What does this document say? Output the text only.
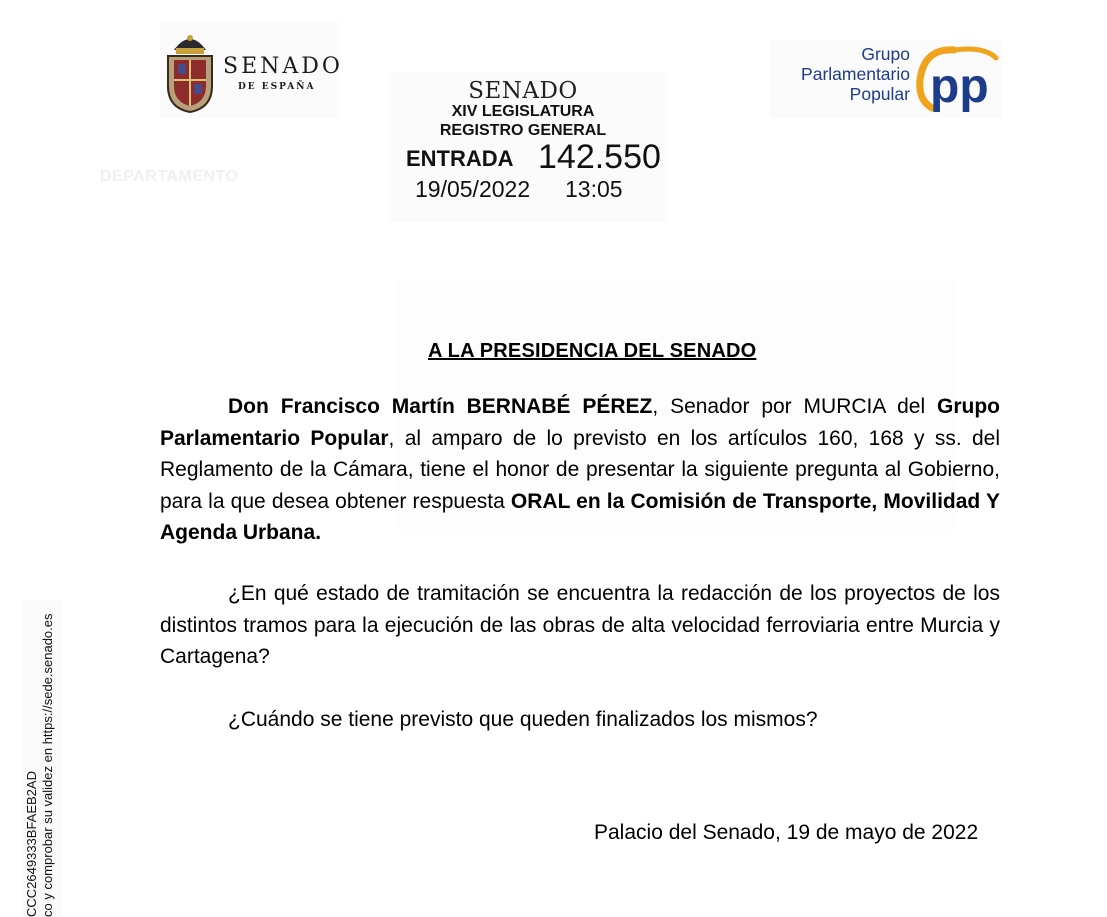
SENADO
DE ESPAÑA
DEPARTAMENTO
SENADO
XIV LEGISLATURA
REGISTRO GENERAL
ENTRADA 142.550
19/05/2022 13:05
Grupo
Parlamentario
Popular pp
A LA PRESIDENCIA DEL SENADO

Don Francisco Martín BERNABÉ PÉREZ, Senador por MURCIA del Grupo Parlamentario Popular, al amparo de lo previsto en los artículos 160, 168 y ss. del Reglamento de la Cámara, tiene el honor de presentar la siguiente pregunta al Gobierno, para la que desea obtener respuesta ORAL en la Comisión de Transporte, Movilidad Y Agenda Urbana.

¿En qué estado de tramitación se encuentra la redacción de los proyectos de los distintos tramos para la ejecución de las obras de alta velocidad ferroviaria entre Murcia y Cartagena?

¿Cuándo se tiene previsto que queden finalizados los mismos?

Palacio del Senado, 19 de mayo de 2022
CCC2649333BFAEB2AD co y comprobar su validez en https://sede.senado.es
